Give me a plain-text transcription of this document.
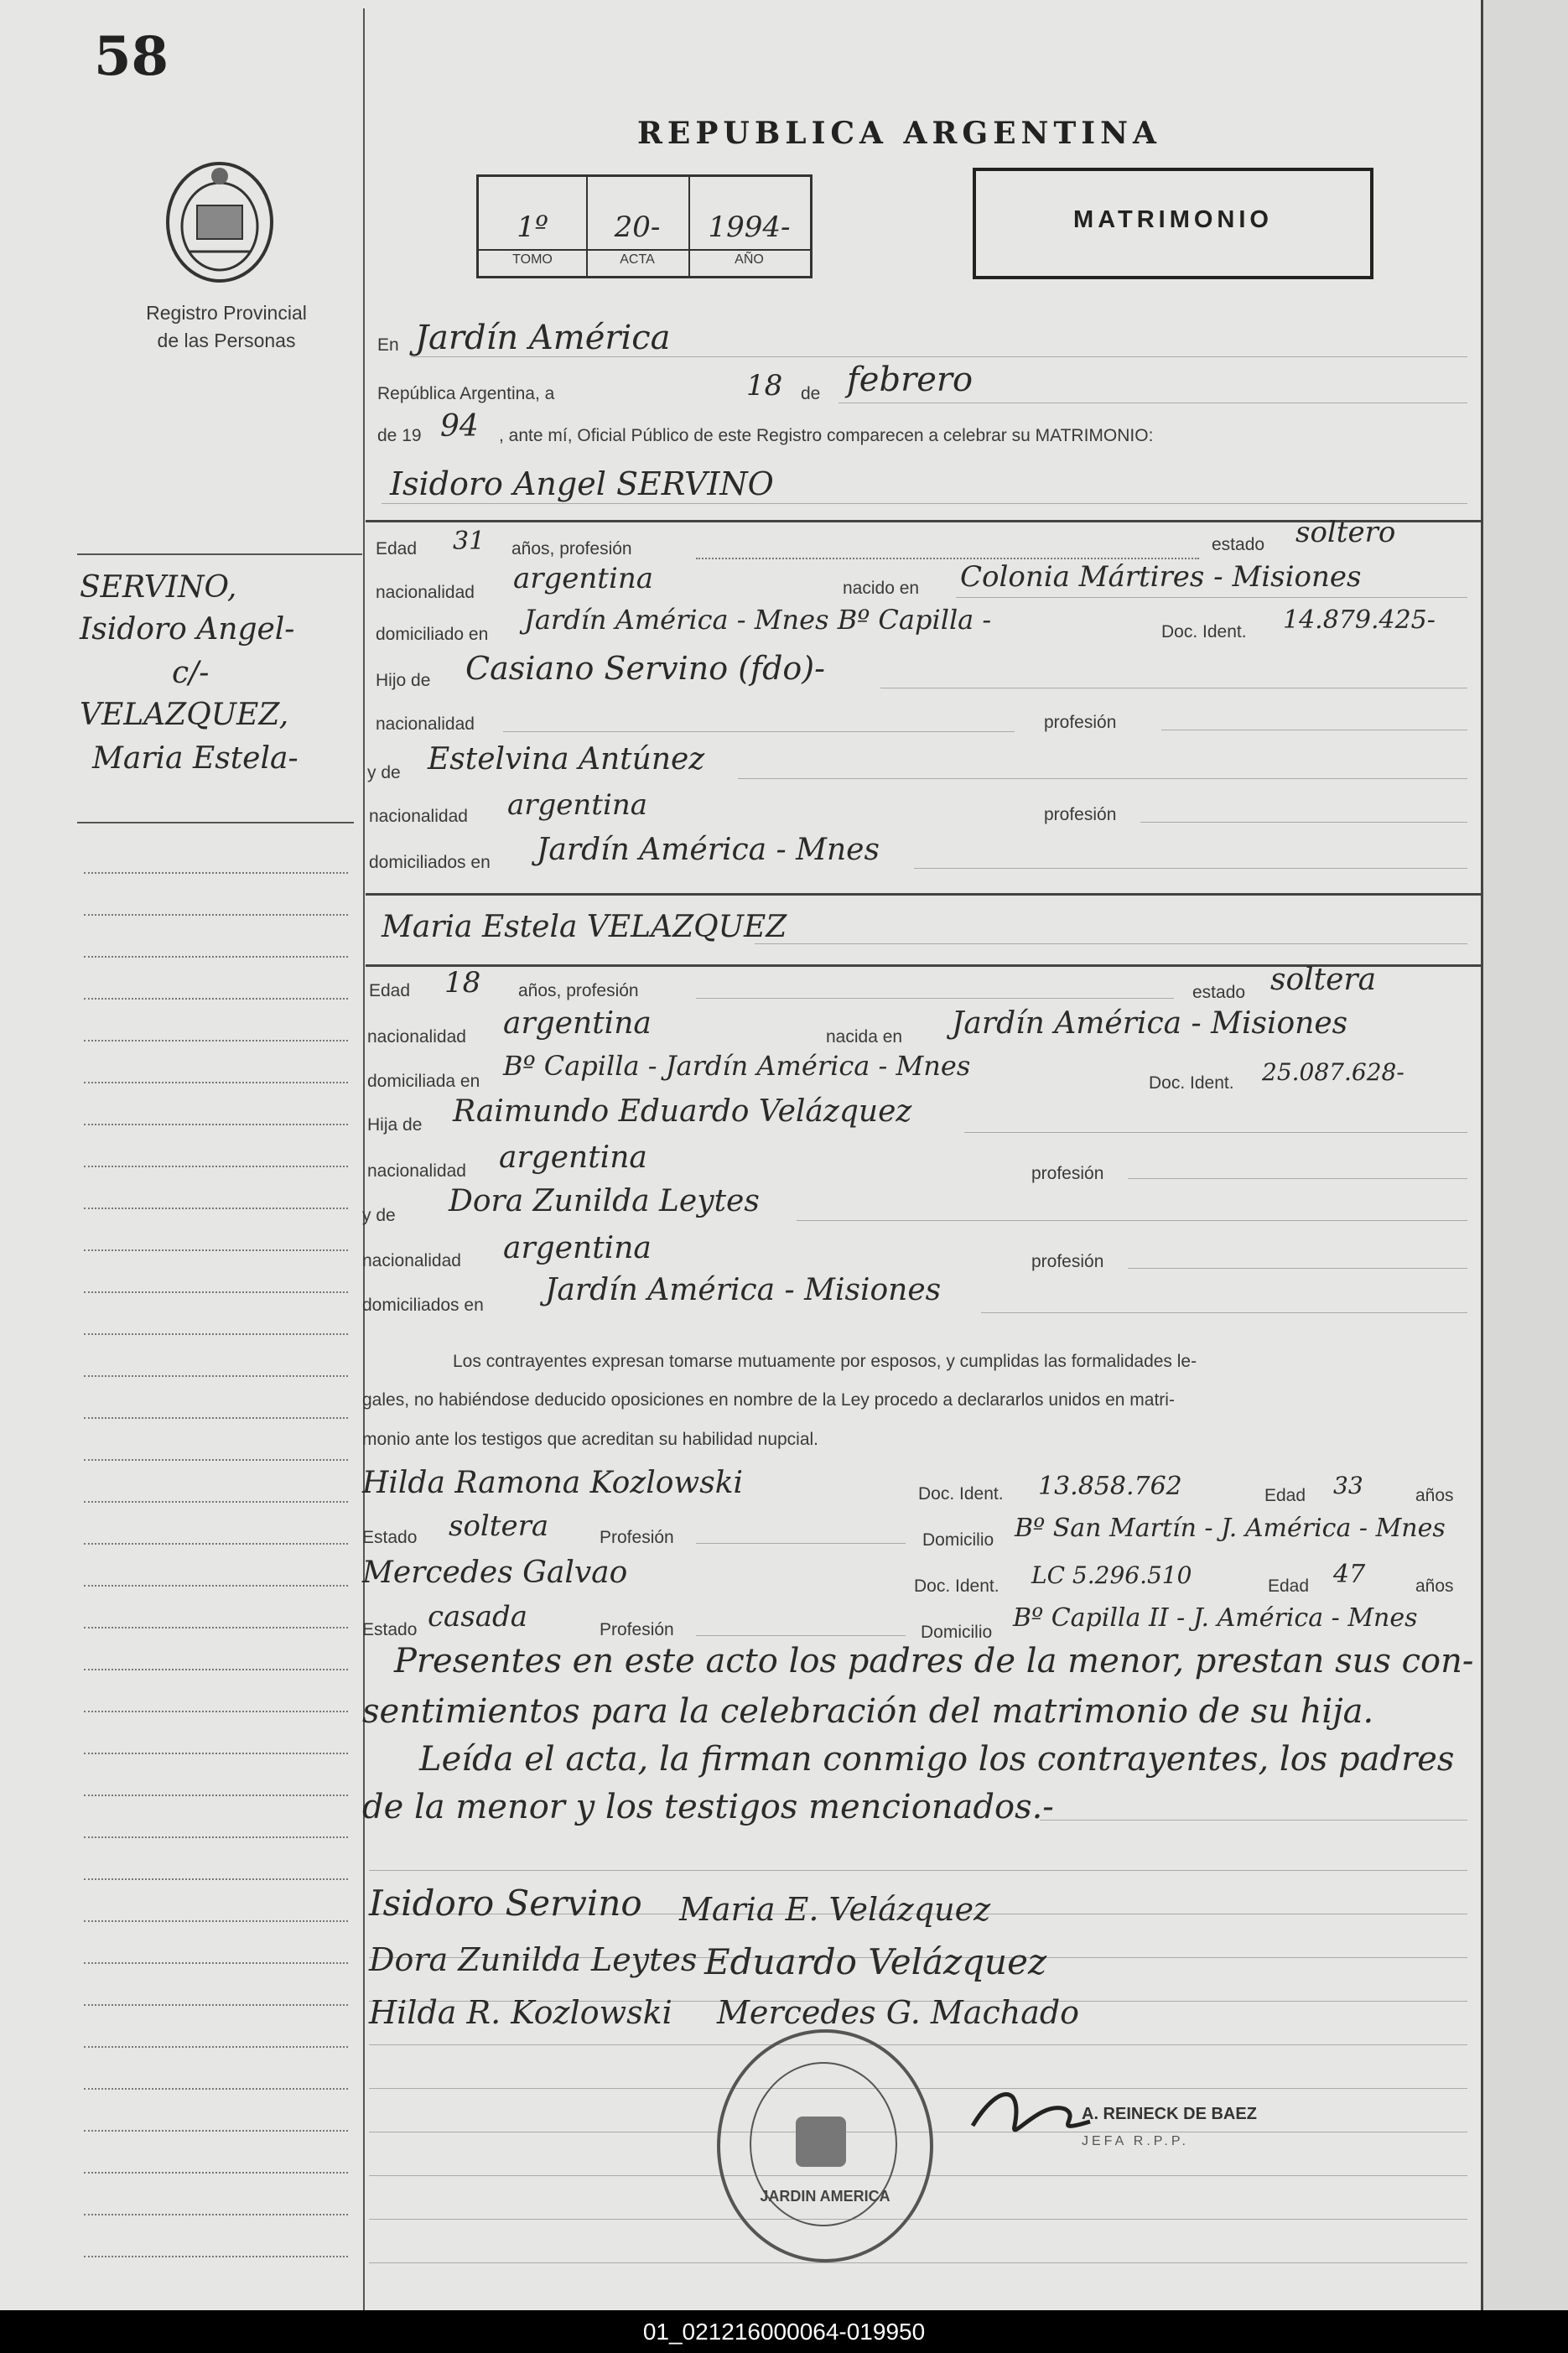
58
Registro Provincial
de las Personas
REPUBLICA ARGENTINA
1º	20-	1994-
TOMO	ACTA	AÑO
MATRIMONIO
SERVINO,
Isidoro Angel-
c/-
VELAZQUEZ,
Maria Estela-
En Jardín América
República Argentina, a	18 de febrero
de 19 94 , ante mí, Oficial Público de este Registro comparecen a celebrar su MATRIMONIO:
Isidoro Angel SERVINO
Edad 31 años, profesión	estado soltero
nacionalidad argentina	nacido en Colonia Mártires - Misiones
domiciliado en Jardín América - Mnes Bº Capilla -	Doc. Ident. 14.879.425-
Hijo de Casiano Servino (fdo)-
nacionalidad	profesión
y de Estelvina Antúnez
nacionalidad argentina	profesión
domiciliados en Jardín América - Mnes
Maria Estela VELAZQUEZ
Edad 18 años, profesión	estado soltera
nacionalidad argentina	nacida en Jardín América - Misiones
domiciliada en Bº Capilla - Jardín América - Mnes
Doc. Ident. 25.087.628-
Hija de Raimundo Eduardo Velázquez
nacionalidad argentina	profesión
y de Dora Zunilda Leytes
nacionalidad argentina	profesión
domiciliados en Jardín América - Misiones
Los contrayentes expresan tomarse mutuamente por esposos, y cumplidas las formalidades le-
gales, no habiéndose deducido oposiciones en nombre de la Ley procedo a declararlos unidos en matri-
monio ante los testigos que acreditan su habilidad nupcial.
Hilda Ramona Kozlowski	Doc. Ident. 13.858.762	Edad 33	años
Estado soltera	Profesión	Domicilio Bº San Martín - J. América - Mnes
Mercedes Galvao	Doc. Ident. LC 5.296.510	Edad 47	años
Estado casada	Profesión	Domicilio Bº Capilla II - J. América - Mnes
Presentes en este acto los padres de la menor, prestan sus con-
sentimientos para la celebración del matrimonio de su hija.
Leída el acta, la firman conmigo los contrayentes, los padres
de la menor y los testigos mencionados.-
Isidoro Servino Maria E. Velázquez
Dora Zunilda Leytes Eduardo Velázquez
Hilda R. Kozlowski Mercedes G. Machado
JARDIN AMERICA
A. REINECK DE BAEZ
JEFA R.P.P.
01_021216000064-019950
